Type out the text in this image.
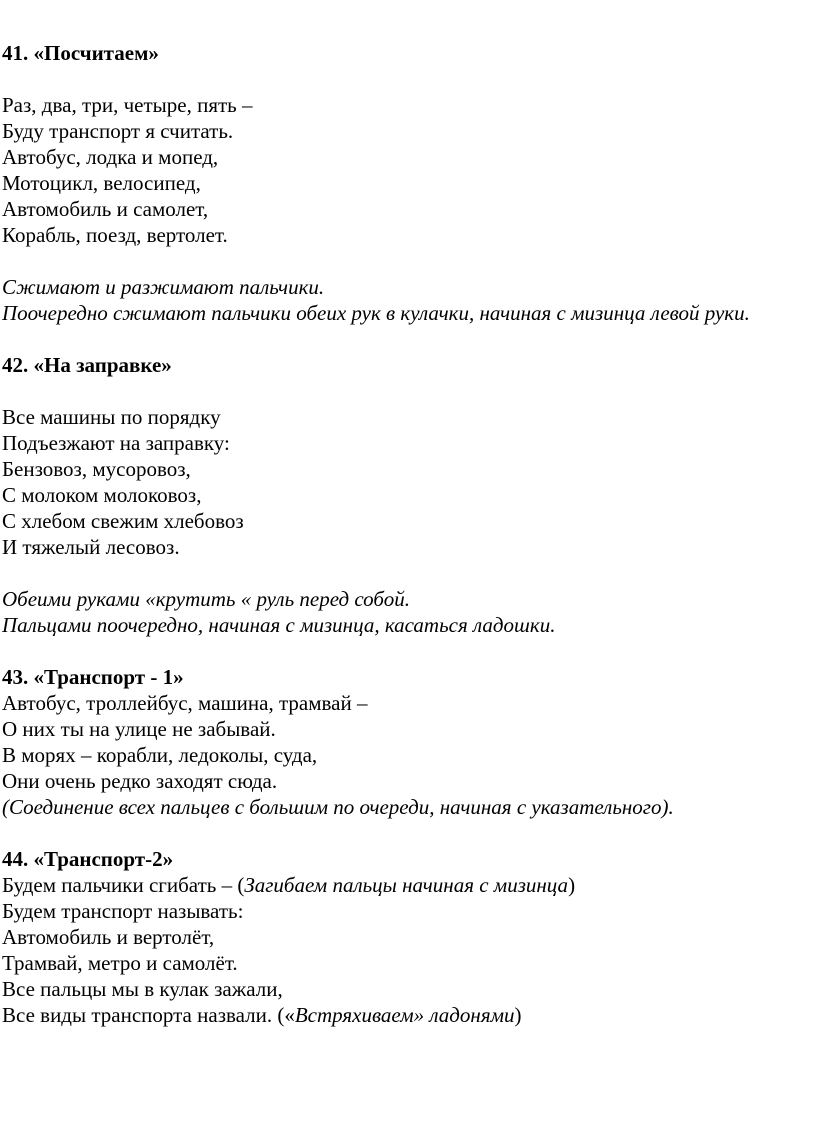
41. «Посчитаем»
Раз, два, три, четыре, пять –
Буду транспорт я считать.
Автобус, лодка и мопед,
Мотоцикл, велосипед,
Автомобиль и самолет,
Корабль, поезд, вертолет.
Сжимают и разжимают пальчики.
Поочередно сжимают пальчики обеих рук в кулачки, начиная с мизинца левой руки.
42. «На заправке»
Все машины по порядку
Подъезжают на заправку:
Бензовоз, мусоровоз,
С молоком молоковоз,
С хлебом свежим хлебовоз
И тяжелый лесовоз.
Обеими руками «крутить « руль перед собой.
Пальцами поочередно, начиная с мизинца, касаться ладошки.
43. «Транспорт - 1»
Автобус, троллейбус, машина, трамвай –
О них ты на улице не забывай.
В морях – корабли, ледоколы, суда,
Они очень редко заходят сюда.
(Соединение всех пальцев с большим по очереди, начиная с указательного).
44. «Транспорт-2»
Будем пальчики сгибать – (Загибаем пальцы начиная с мизинца)
Будем транспорт называть:
Автомобиль и вертолёт,
Трамвай, метро и самолёт.
Все пальцы мы в кулак зажали,
Все виды транспорта назвали. («Встряхиваем» ладонями)
